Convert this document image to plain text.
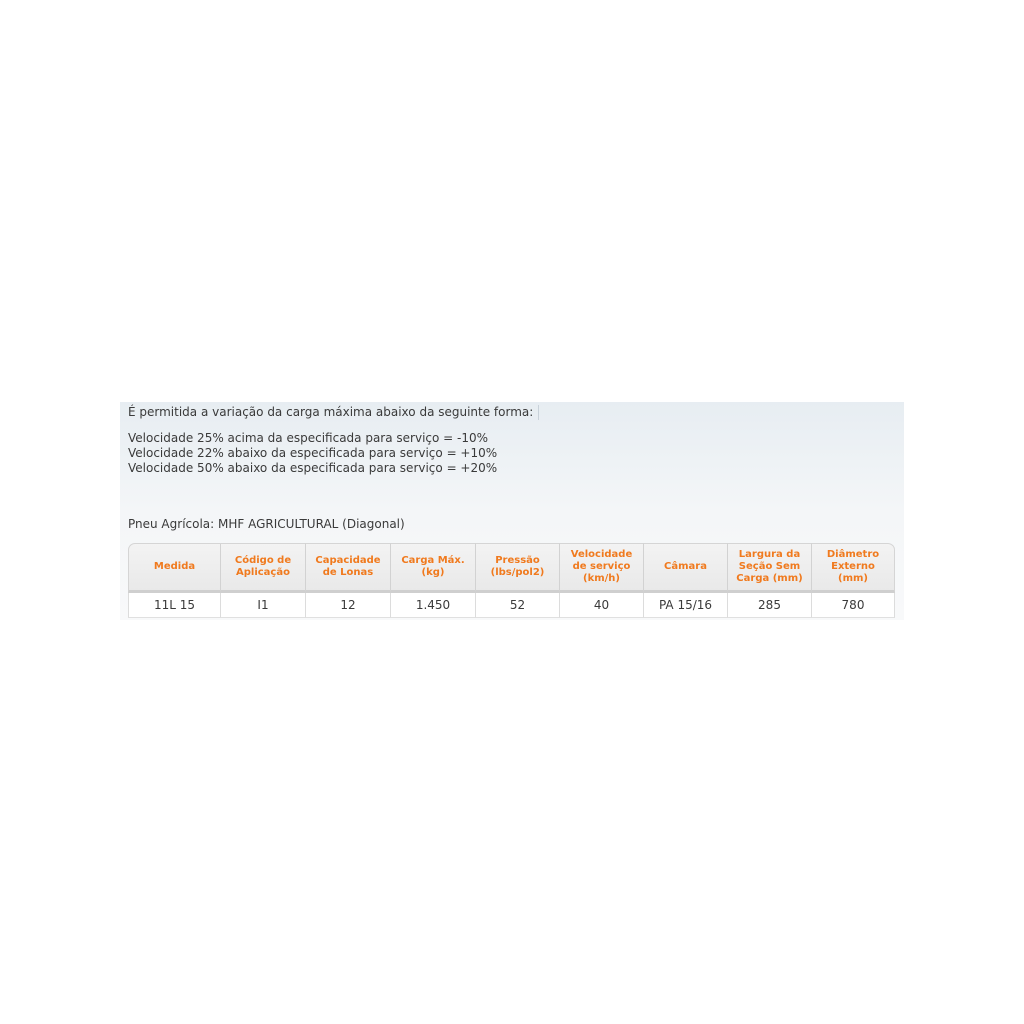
É permitida a variação da carga máxima abaixo da seguinte forma:
Velocidade 25% acima da especificada para serviço = -10%
Velocidade 22% abaixo da especificada para serviço = +10%
Velocidade 50% abaixo da especificada para serviço = +20%
Pneu Agrícola: MHF AGRICULTURAL (Diagonal)
Medida	Código de Aplicação	Capacidade de Lonas	Carga Máx. (kg)	Pressão (lbs/pol2)	Velocidade de serviço (km/h)	Câmara	Largura da Seção Sem Carga (mm)	Diâmetro Externo (mm)
11L 15	I1	12	1.450	52	40	PA 15/16	285	780
